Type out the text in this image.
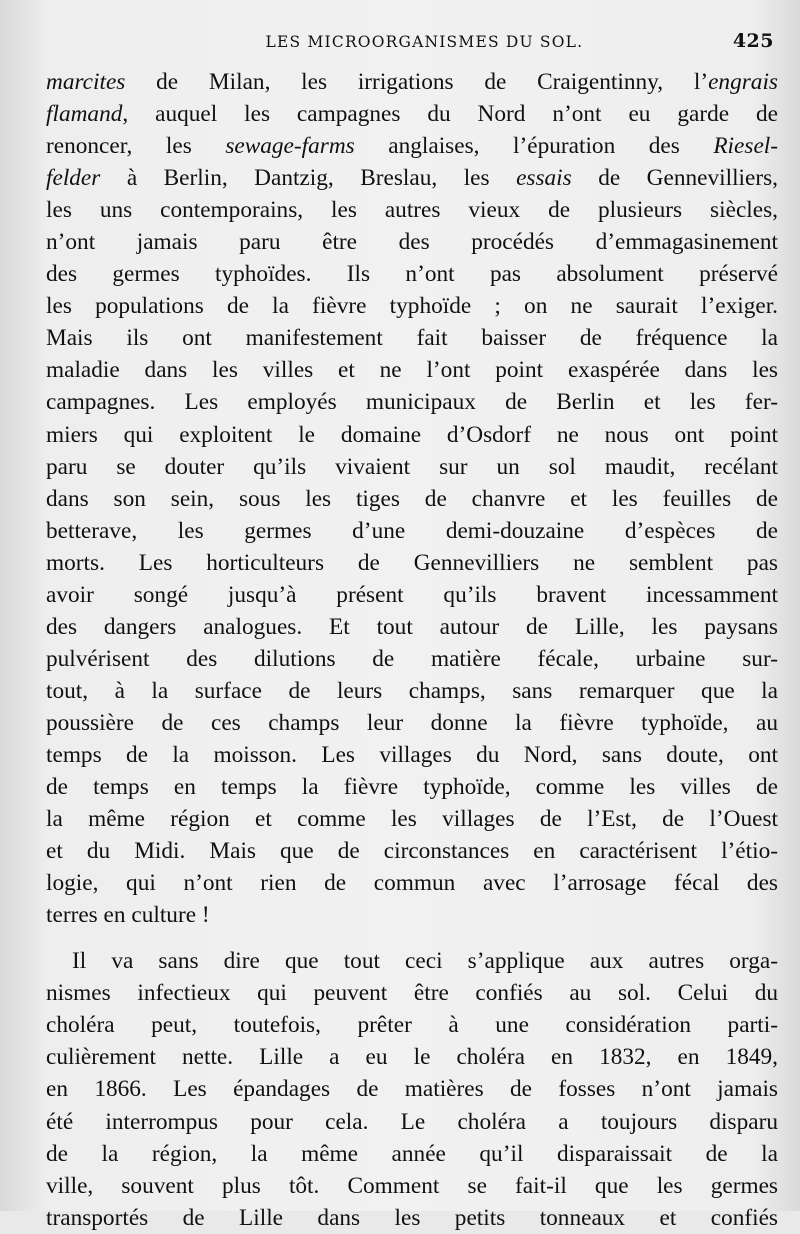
LES MICROORGANISMES DU SOL.	425
marcites de Milan, les irrigations de Craigentinny, l’engrais
flamand, auquel les campagnes du Nord n’ont eu garde de
renoncer, les sewage-farms anglaises, l’épuration des Riesel-
felder à Berlin, Dantzig, Breslau, les essais de Gennevilliers,
les uns contemporains, les autres vieux de plusieurs siècles,
n’ont jamais paru être des procédés d’emmagasinement
des germes typhoïdes. Ils n’ont pas absolument préservé
les populations de la fièvre typhoïde ; on ne saurait l’exiger.
Mais ils ont manifestement fait baisser de fréquence la
maladie dans les villes et ne l’ont point exaspérée dans les
campagnes. Les employés municipaux de Berlin et les fer-
miers qui exploitent le domaine d’Osdorf ne nous ont point
paru se douter qu’ils vivaient sur un sol maudit, recélant
dans son sein, sous les tiges de chanvre et les feuilles de
betterave, les germes d’une demi-douzaine d’espèces de
morts. Les horticulteurs de Gennevilliers ne semblent pas
avoir songé jusqu’à présent qu’ils bravent incessamment
des dangers analogues. Et tout autour de Lille, les paysans
pulvérisent des dilutions de matière fécale, urbaine sur-
tout, à la surface de leurs champs, sans remarquer que la
poussière de ces champs leur donne la fièvre typhoïde, au
temps de la moisson. Les villages du Nord, sans doute, ont
de temps en temps la fièvre typhoïde, comme les villes de
la même région et comme les villages de l’Est, de l’Ouest
et du Midi. Mais que de circonstances en caractérisent l’étio-
logie, qui n’ont rien de commun avec l’arrosage fécal des
terres en culture !
Il va sans dire que tout ceci s’applique aux autres orga-
nismes infectieux qui peuvent être confiés au sol. Celui du
choléra peut, toutefois, prêter à une considération parti-
culièrement nette. Lille a eu le choléra en 1832, en 1849,
en 1866. Les épandages de matières de fosses n’ont jamais
été interrompus pour cela. Le choléra a toujours disparu
de la région, la même année qu’il disparaissait de la
ville, souvent plus tôt. Comment se fait-il que les germes
transportés de Lille dans les petits tonneaux et confiés
